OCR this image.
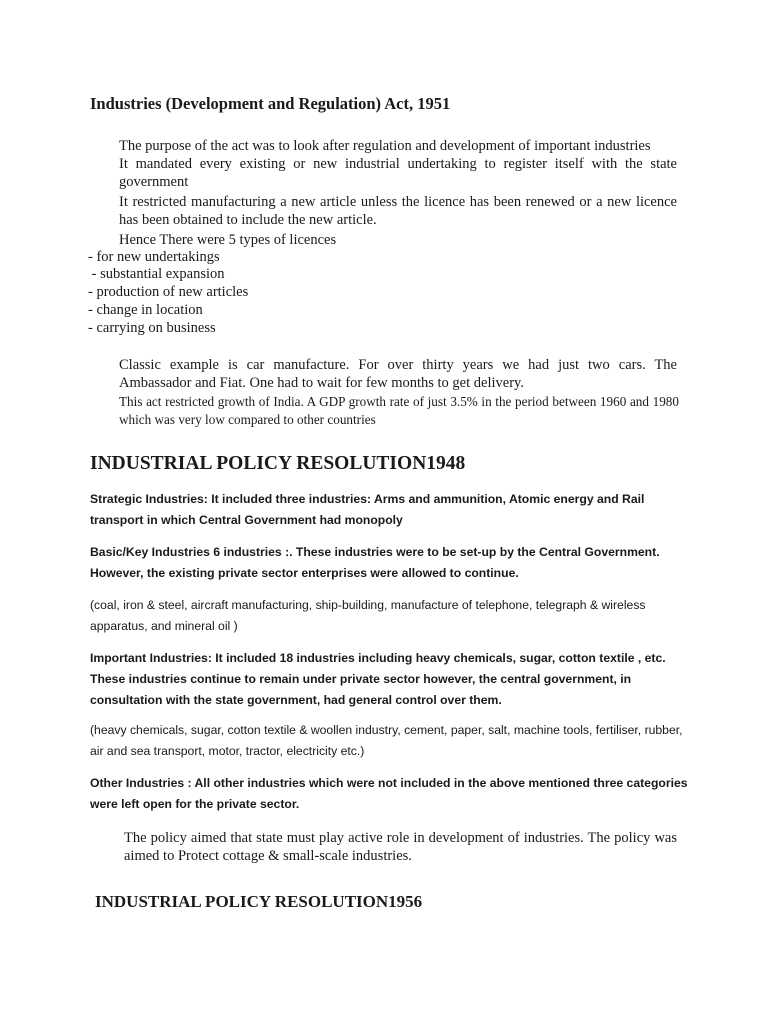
Industries (Development and Regulation) Act, 1951
The purpose of the act was to look after regulation and development of important industries
It mandated every existing or new industrial undertaking to register itself with the state government
It restricted manufacturing a new article unless the licence has been renewed or a new licence has been obtained to include the new article.
Hence There were 5 types of licences
- for new undertakings
- substantial expansion
- production of new articles
- change in location
- carrying on business
Classic example is car manufacture. For over thirty years we had just two cars. The Ambassador and Fiat. One had to wait for few months to get delivery.
This act restricted growth of India. A GDP growth rate of just 3.5% in the period between 1960 and 1980 which was very low compared to other countries
INDUSTRIAL POLICY RESOLUTION1948
Strategic Industries: It included three industries: Arms and ammunition, Atomic energy and Rail transport in which Central Government had monopoly
Basic/Key Industries 6 industries :. These industries were to be set-up by the Central Government. However, the existing private sector enterprises were allowed to continue.
(coal, iron & steel, aircraft manufacturing, ship-building, manufacture of telephone, telegraph & wireless apparatus, and mineral oil )
Important Industries: It included 18 industries including heavy chemicals, sugar, cotton textile , etc. These industries continue to remain under private sector however, the central government, in consultation with the state government, had general control over them.
(heavy chemicals, sugar, cotton textile & woollen industry, cement, paper, salt, machine tools, fertiliser, rubber, air and sea transport, motor, tractor, electricity etc.)
Other Industries : All other industries which were not included in the above mentioned three categories were left open for the private sector.
The policy aimed that state must play active role in development of industries. The policy was aimed to Protect cottage & small-scale industries.
INDUSTRIAL POLICY RESOLUTION1956
